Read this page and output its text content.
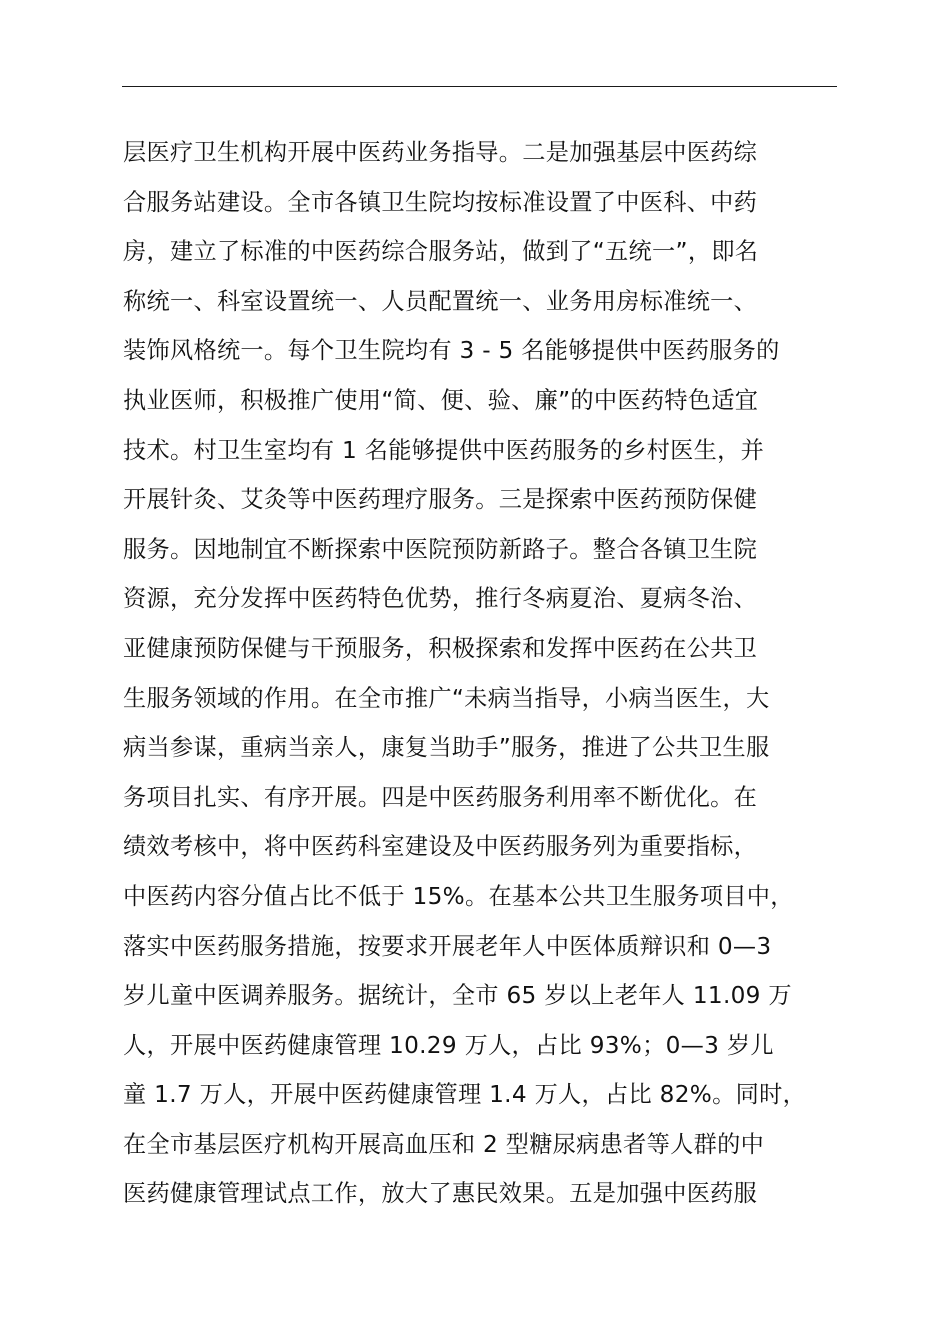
层医疗卫生机构开展中医药业务指导。二是加强基层中医药综
合服务站建设。全市各镇卫生院均按标准设置了中医科、中药
房，建立了标准的中医药综合服务站，做到了“五统一”，即名
称统一、科室设置统一、人员配置统一、业务用房标准统一、
装饰风格统一。每个卫生院均有 3 - 5 名能够提供中医药服务的
执业医师，积极推广使用“简、便、验、廉”的中医药特色适宜
技术。村卫生室均有 1 名能够提供中医药服务的乡村医生，并
开展针灸、艾灸等中医药理疗服务。三是探索中医药预防保健
服务。因地制宜不断探索中医院预防新路子。整合各镇卫生院
资源，充分发挥中医药特色优势，推行冬病夏治、夏病冬治、
亚健康预防保健与干预服务，积极探索和发挥中医药在公共卫
生服务领域的作用。在全市推广“未病当指导，小病当医生，大
病当参谋，重病当亲人，康复当助手”服务，推进了公共卫生服
务项目扎实、有序开展。四是中医药服务利用率不断优化。在
绩效考核中，将中医药科室建设及中医药服务列为重要指标，
中医药内容分值占比不低于 15%。在基本公共卫生服务项目中，
落实中医药服务措施，按要求开展老年人中医体质辩识和 0—3
岁儿童中医调养服务。据统计，全市 65 岁以上老年人 11.09 万
人，开展中医药健康管理 10.29 万人，占比 93%；0—3 岁儿
童 1.7 万人，开展中医药健康管理 1.4 万人，占比 82%。同时，
在全市基层医疗机构开展高血压和 2 型糖尿病患者等人群的中
医药健康管理试点工作，放大了惠民效果。五是加强中医药服
